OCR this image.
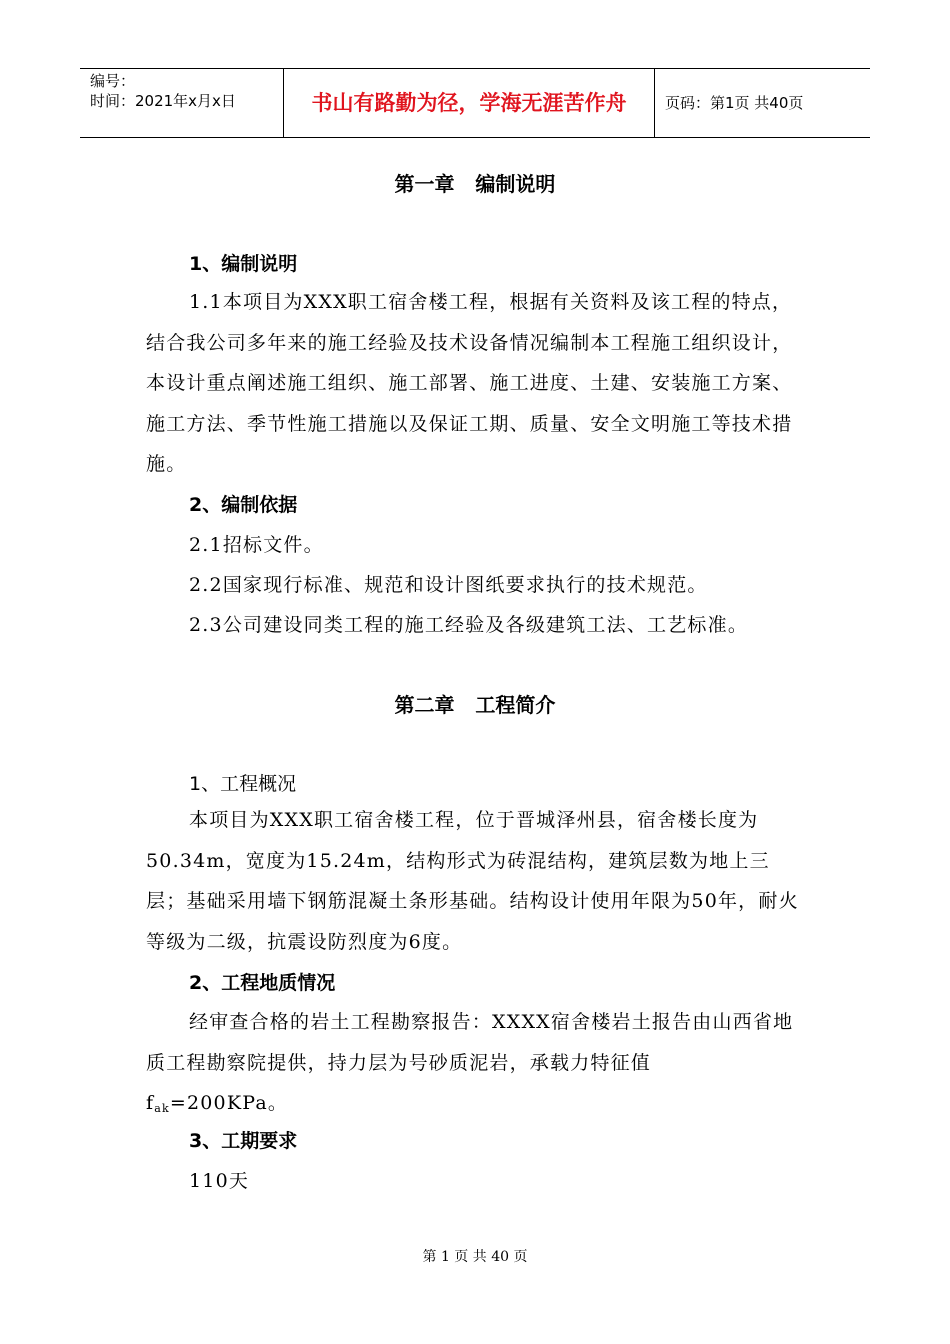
编号：
时间：2021年x月x日	书山有路勤为径，学海无涯苦作舟	页码：第1页 共40页
第一章   编制说明
1、编制说明
1.1本项目为XXX职工宿舍楼工程，根据有关资料及该工程的特点，结合我公司多年来的施工经验及技术设备情况编制本工程施工组织设计，本设计重点阐述施工组织、施工部署、施工进度、土建、安装施工方案、施工方法、季节性施工措施以及保证工期、质量、安全文明施工等技术措施。
2、编制依据
2.1招标文件。
2.2国家现行标准、规范和设计图纸要求执行的技术规范。
2.3公司建设同类工程的施工经验及各级建筑工法、工艺标准。
第二章   工程简介
1、工程概况
本项目为XXX职工宿舍楼工程，位于晋城泽州县，宿舍楼长度为50.34m，宽度为15.24m，结构形式为砖混结构，建筑层数为地上三层；基础采用墙下钢筋混凝土条形基础。结构设计使用年限为50年，耐火等级为二级，抗震设防烈度为6度。
2、工程地质情况
经审查合格的岩土工程勘察报告：XXXX宿舍楼岩土报告由山西省地质工程勘察院提供，持力层为号砂质泥岩，承载力特征值
$f_{ak}=200KPa$。
3、工期要求
110天
第 1 页 共 40 页
